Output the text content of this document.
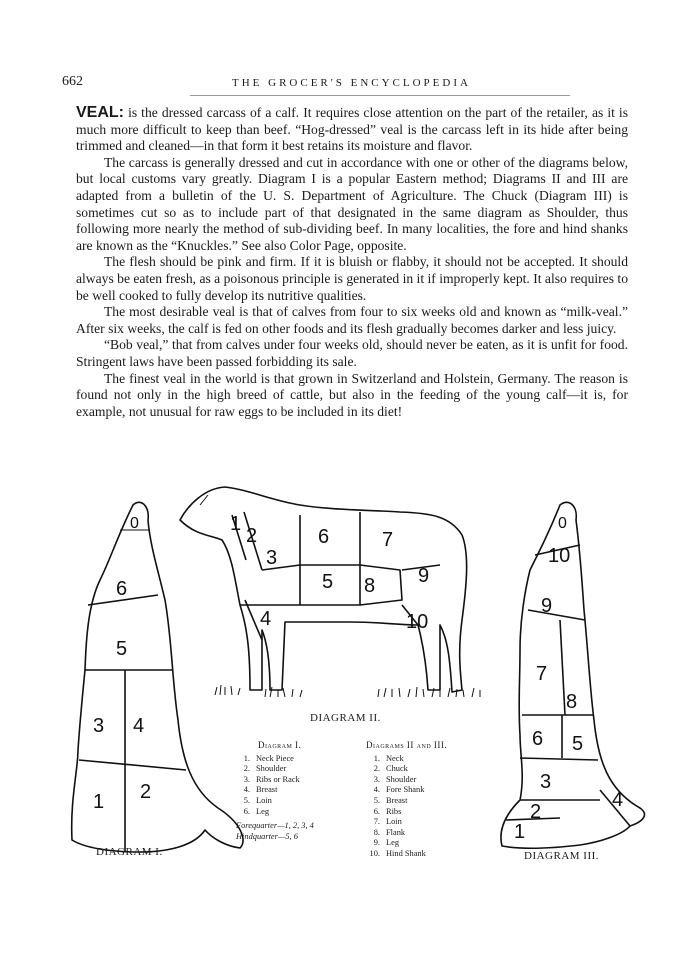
662	THE GROCER'S ENCYCLOPEDIA

VEAL: is the dressed carcass of a calf. It requires close attention on the part of the retailer, as it is much more difficult to keep than beef. “Hog-dressed” veal is the carcass left in its hide after being trimmed and cleaned—in that form it best retains its moisture and flavor.

The carcass is generally dressed and cut in accordance with one or other of the diagrams below, but local customs vary greatly. Diagram I is a popular Eastern method; Diagrams II and III are adapted from a bulletin of the U. S. Department of Agriculture. The Chuck (Diagram III) is sometimes cut so as to include part of that designated in the same diagram as Shoulder, thus following more nearly the method of sub-dividing beef. In many localities, the fore and hind shanks are known as the “Knuckles.” See also Color Page, opposite.

The flesh should be pink and firm. If it is bluish or flabby, it should not be accepted. It should always be eaten fresh, as a poisonous principle is generated in it if improperly kept. It also requires to be well cooked to fully develop its nutritive qualities.

The most desirable veal is that of calves from four to six weeks old and known as “milk-veal.” After six weeks, the calf is fed on other foods and its flesh gradually becomes darker and less juicy.

“Bob veal,” that from calves under four weeks old, should never be eaten, as it is unfit for food. Stringent laws have been passed forbidding its sale.

The finest veal in the world is that grown in Switzerland and Holstein, Germany. The reason is found not only in the high breed of cattle, but also in the feeding of the young calf—it is, for example, not unusual for raw eggs to be included in its diet!

0
6
5
3 4
1 2
1
2
3
4
5
6	7
8 9
10
0
10
9
7
8
6 5
3
4
2
1
DIAGRAM I.
DIAGRAM II.
DIAGRAM III.
Diagram I.
1. Neck Piece
2. Shoulder
3. Ribs or Rack
4. Breast
5. Loin
6. Leg
Forequarter—1, 2, 3, 4
Hindquarter—5, 6
Diagrams II and III.
1. Neck
2. Chuck
3. Shoulder
4. Fore Shank
5. Breast
6. Ribs
7. Loin
8. Flank
9. Leg
10. Hind Shank
